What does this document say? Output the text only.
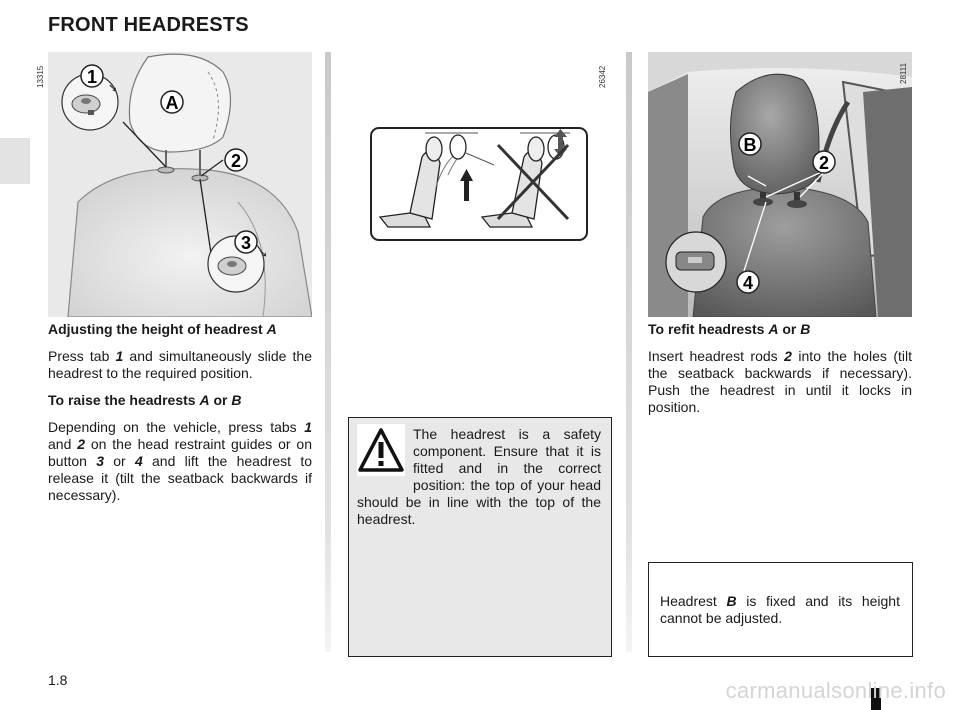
FRONT HEADRESTS
➘
➘
1
A
2
3
13315	26342
B
2
4
28111

Adjusting the height of headrest A

Press tab 1 and simultaneously slide the headrest to the required position.

To raise the headrests A or B

Depending on the vehicle, press tabs 1 and 2 on the head restraint guides or on button 3 or 4 and lift the headrest to release it (tilt the seatback backwards if necessary).

To refit headrests A or B

Insert headrest rods 2 into the holes (tilt the seatback backwards if necessary). Push the headrest in until it locks in position.

The headrest is a safety component. Ensure that it is fitted and in the correct position: the top of your head should be in line with the top of the headrest.
Headrest B is fixed and its height cannot be adjusted.
1.8	carmanualsonline.info
